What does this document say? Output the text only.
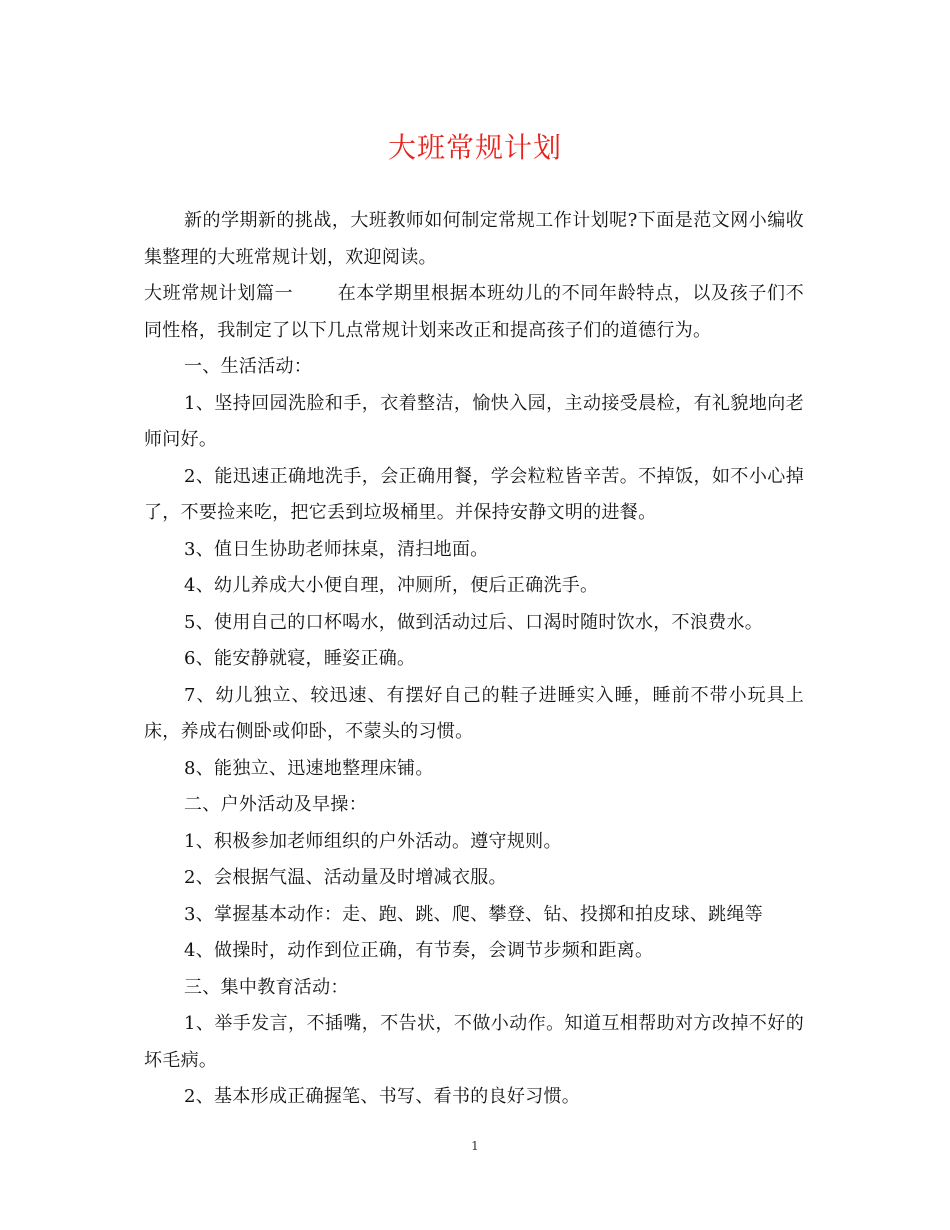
大班常规计划

新的学期新的挑战，大班教师如何制定常规工作计划呢?下面是范文网小编收集整理的大班常规计划，欢迎阅读。

大班常规计划篇一 在本学期里根据本班幼儿的不同年龄特点，以及孩子们不同性格，我制定了以下几点常规计划来改正和提高孩子们的道德行为。

一、生活活动：

1、坚持回园洗脸和手，衣着整洁，愉快入园，主动接受晨检，有礼貌地向老师问好。

2、能迅速正确地洗手，会正确用餐，学会粒粒皆辛苦。不掉饭，如不小心掉了，不要捡来吃，把它丢到垃圾桶里。并保持安静文明的进餐。

3、值日生协助老师抹桌，清扫地面。

4、幼儿养成大小便自理，冲厕所，便后正确洗手。

5、使用自己的口杯喝水，做到活动过后、口渴时随时饮水，不浪费水。

6、能安静就寝，睡姿正确。

7、幼儿独立、较迅速、有摆好自己的鞋子进睡实入睡，睡前不带小玩具上床，养成右侧卧或仰卧，不蒙头的习惯。

8、能独立、迅速地整理床铺。

二、户外活动及早操：

1、积极参加老师组织的户外活动。遵守规则。

2、会根据气温、活动量及时增减衣服。

3、掌握基本动作：走、跑、跳、爬、攀登、钻、投掷和拍皮球、跳绳等

4、做操时，动作到位正确，有节奏，会调节步频和距离。

三、集中教育活动：

1、举手发言，不插嘴，不告状，不做小动作。知道互相帮助对方改掉不好的坏毛病。

2、基本形成正确握笔、书写、看书的良好习惯。

1
